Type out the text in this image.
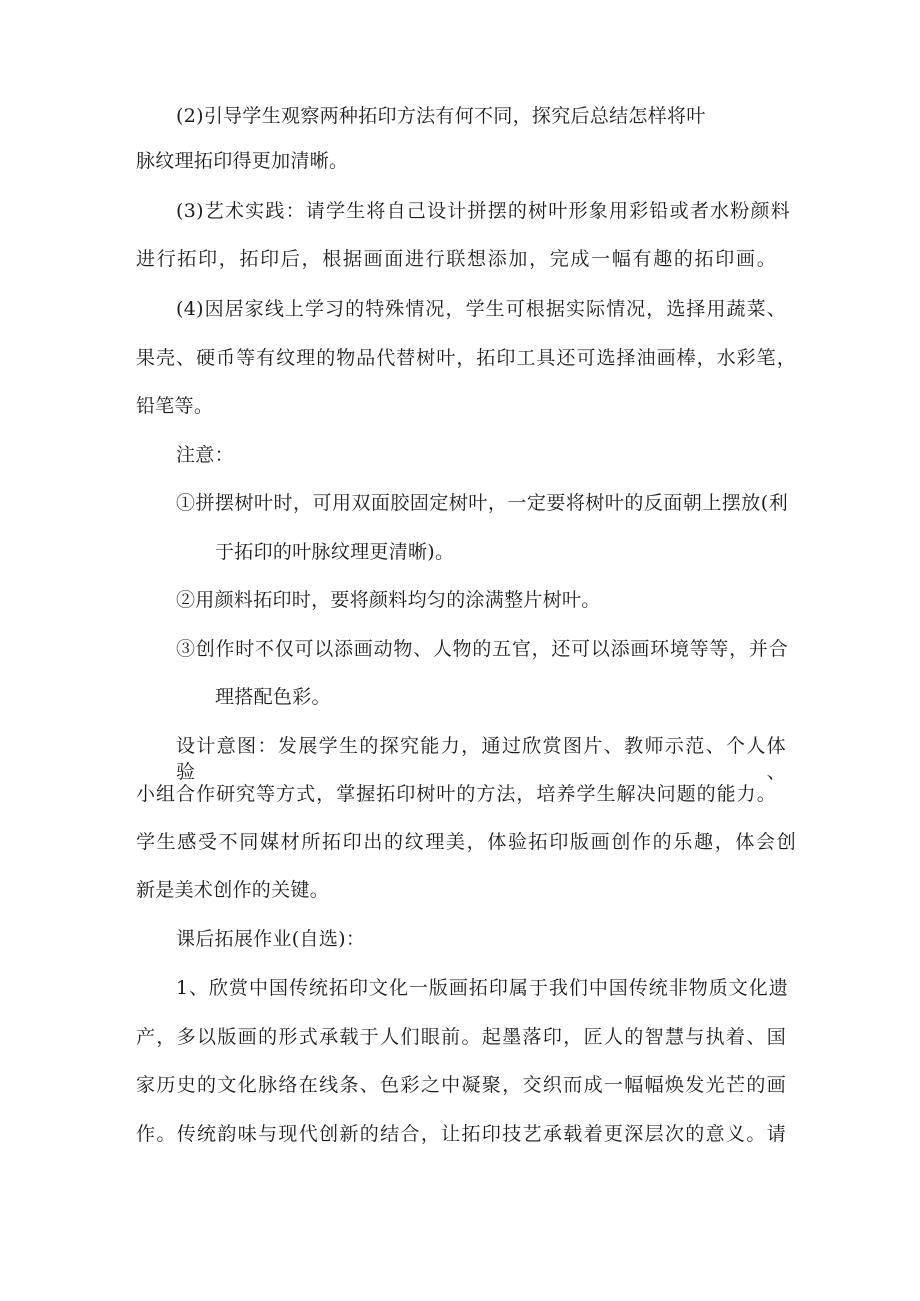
(2)引导学生观察两种拓印方法有何不同，探究后总结怎样将叶
脉纹理拓印得更加清晰。
(3)艺术实践：请学生将自己设计拼摆的树叶形象用彩铅或者水粉颜料
进行拓印，拓印后，根据画面进行联想添加，完成一幅有趣的拓印画。
(4)因居家线上学习的特殊情况，学生可根据实际情况，选择用蔬菜、
果壳、硬币等有纹理的物品代替树叶，拓印工具还可选择油画棒，水彩笔，
铅笔等。
注意：
①拼摆树叶时，可用双面胶固定树叶，一定要将树叶的反面朝上摆放(利
于拓印的叶脉纹理更清晰)。
②用颜料拓印时，要将颜料均匀的涂满整片树叶。
③创作时不仅可以添画动物、人物的五官，还可以添画环境等等，并合
理搭配色彩。
设计意图：发展学生的探究能力，通过欣赏图片、教师示范、个人体验、
小组合作研究等方式，掌握拓印树叶的方法，培养学生解决问题的能力。
学生感受不同媒材所拓印出的纹理美，体验拓印版画创作的乐趣，体会创
新是美术创作的关键。
课后拓展作业(自选)：
1、欣赏中国传统拓印文化一版画拓印属于我们中国传统非物质文化遗
产，多以版画的形式承载于人们眼前。起墨落印，匠人的智慧与执着、国
家历史的文化脉络在线条、色彩之中凝聚，交织而成一幅幅焕发光芒的画
作。传统韵味与现代创新的结合，让拓印技艺承载着更深层次的意义。请
